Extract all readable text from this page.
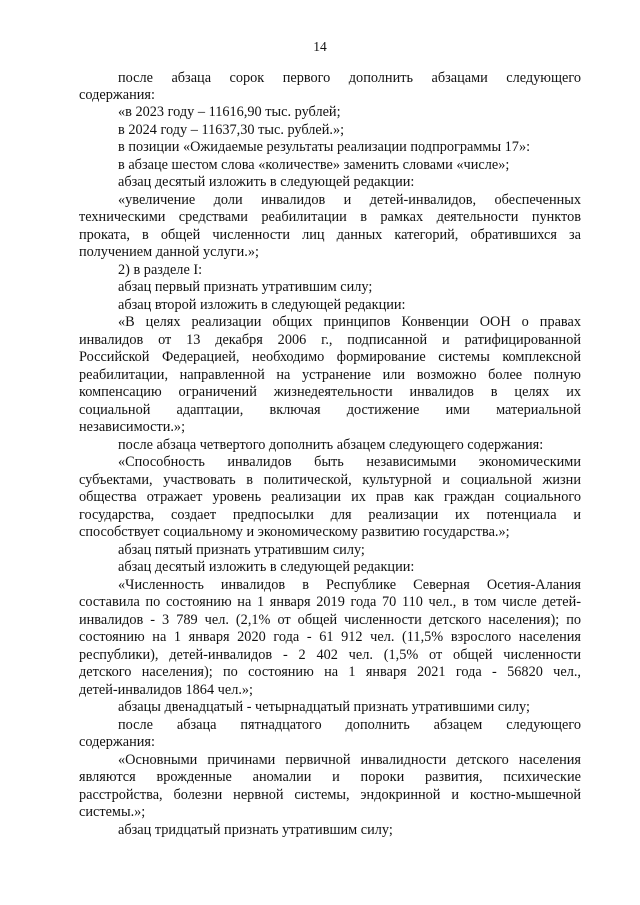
14
после абзаца сорок первого дополнить абзацами следующего
содержания:
«в 2023 году – 11616,90 тыс. рублей;
в 2024 году – 11637,30 тыс. рублей.»;
в позиции «Ожидаемые результаты реализации подпрограммы 17»:
в абзаце шестом слова «количестве» заменить словами «числе»;
абзац десятый изложить в следующей редакции:
«увеличение доли инвалидов и детей-инвалидов, обеспеченных
техническими средствами реабилитации в рамках деятельности пунктов
проката, в общей численности лиц данных категорий, обратившихся за
получением данной услуги.»;
2) в разделе I:
абзац первый признать утратившим силу;
абзац второй изложить в следующей редакции:
«В целях реализации общих принципов Конвенции ООН о правах
инвалидов от 13 декабря 2006 г., подписанной и ратифицированной
Российской Федерацией, необходимо формирование системы комплексной
реабилитации, направленной на устранение или возможно более полную
компенсацию ограничений жизнедеятельности инвалидов в целях их
социальной адаптации, включая достижение ими материальной
независимости.»;
после абзаца четвертого дополнить абзацем следующего содержания:
«Способность инвалидов быть независимыми экономическими
субъектами, участвовать в политической, культурной и социальной жизни
общества отражает уровень реализации их прав как граждан социального
государства, создает предпосылки для реализации их потенциала и
способствует социальному и экономическому развитию государства.»;
абзац пятый признать утратившим силу;
абзац десятый изложить в следующей редакции:
«Численность инвалидов в Республике Северная Осетия-Алания
составила по состоянию на 1 января 2019 года 70 110 чел., в том числе детей-
инвалидов - 3 789 чел. (2,1% от общей численности детского населения); по
состоянию на 1 января 2020 года - 61 912 чел. (11,5% взрослого населения
республики), детей-инвалидов - 2 402 чел. (1,5% от общей численности
детского населения); по состоянию на 1 января 2021 года - 56820 чел.,
детей-инвалидов 1864 чел.»;
абзацы двенадцатый - четырнадцатый признать утратившими силу;
после абзаца пятнадцатого дополнить абзацем следующего
содержания:
«Основными причинами первичной инвалидности детского населения
являются врожденные аномалии и пороки развития, психические
расстройства, болезни нервной системы, эндокринной и костно-мышечной
системы.»;
абзац тридцатый признать утратившим силу;
